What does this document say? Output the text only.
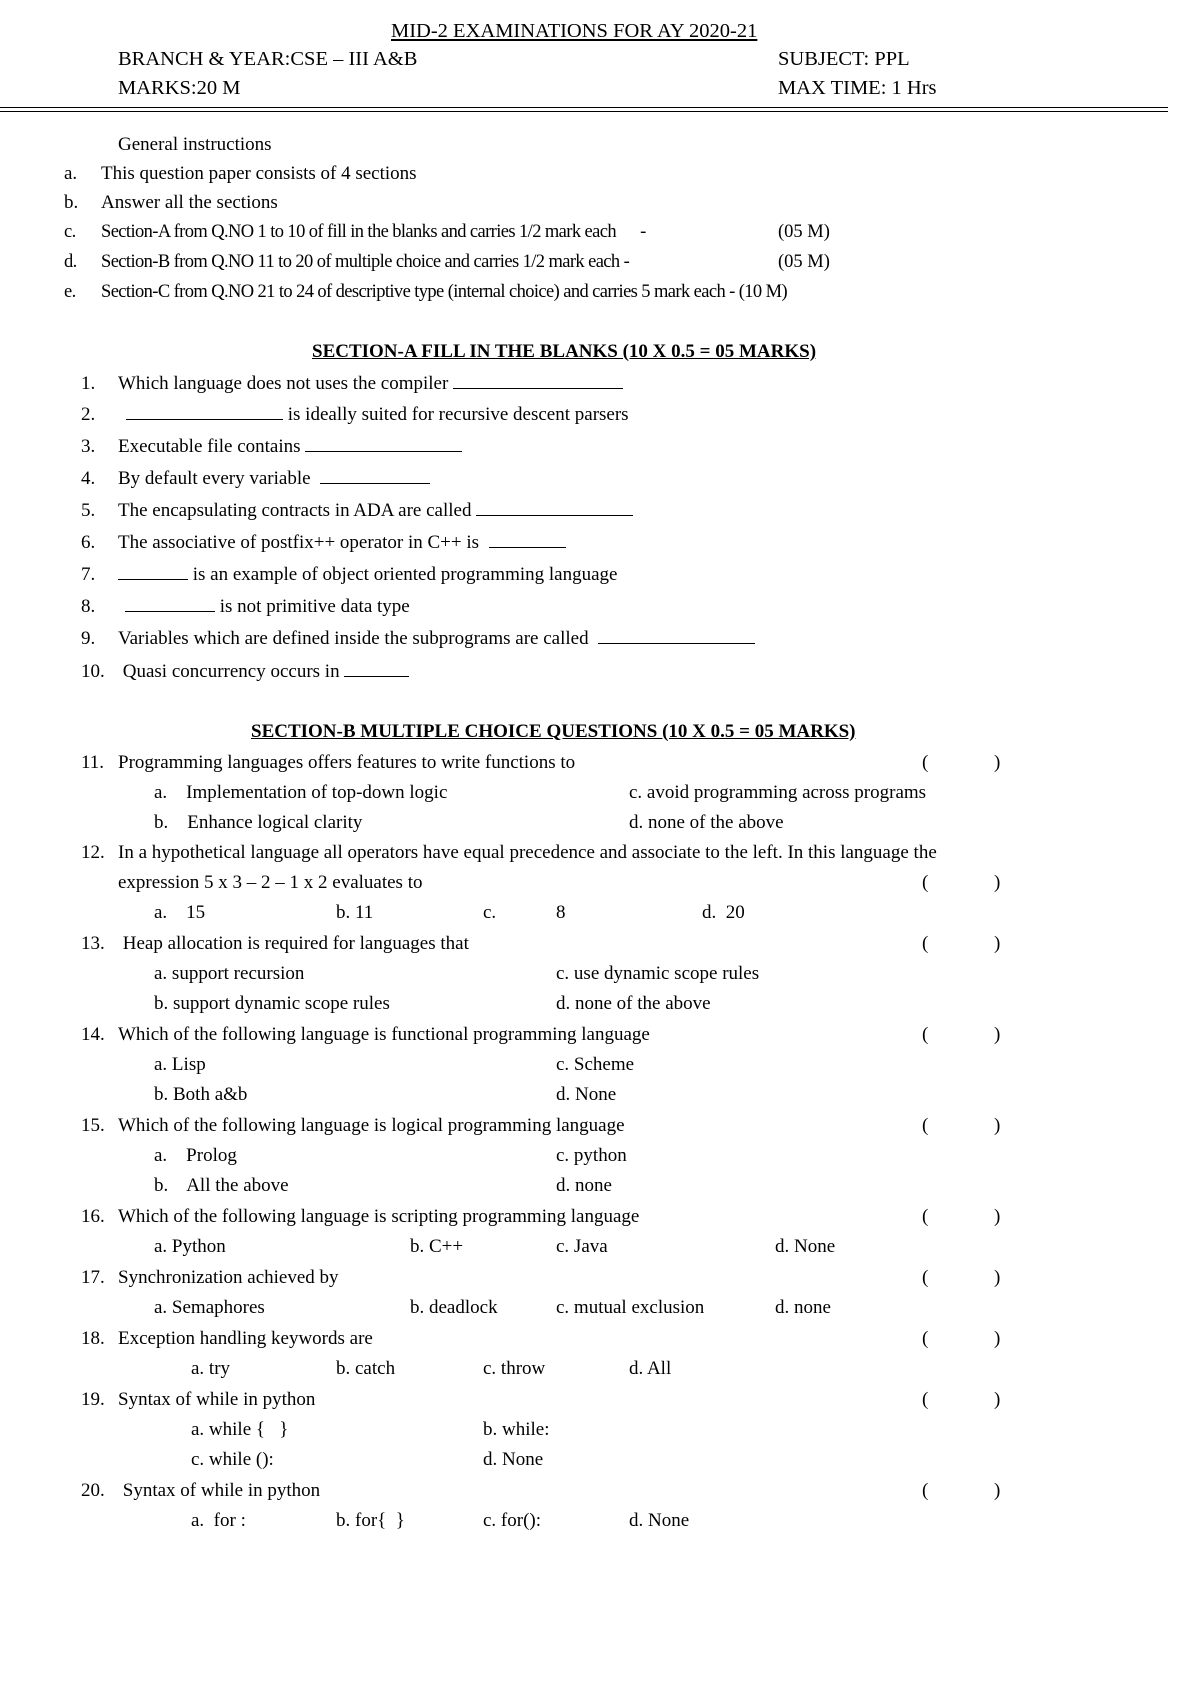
MID-2 EXAMINATIONS FOR AY 2020-21
BRANCH & YEAR:CSE – III A&B	SUBJECT: PPL
MARKS:20 M	MAX TIME: 1 Hrs
General instructions
a. This question paper consists of 4 sections
b. Answer all the sections
c. Section-A from Q.NO 1 to 10 of fill in the blanks and carries 1/2 mark each      -	(05 M)
d. Section-B from Q.NO 11 to 20 of multiple choice and carries 1/2 mark each -	(05 M)
e. Section-C from Q.NO 21 to 24 of descriptive type (internal choice) and carries 5 mark each - (10 M)
SECTION-A FILL IN THE BLANKS (10 X 0.5 = 05 MARKS)
1. Which language does not uses the compiler
2.	is ideally suited for recursive descent parsers
3. Executable file contains
4. By default every variable
5. The encapsulating contracts in ADA are called
6. The associative of postfix++ operator in C++ is
7.	is an example of object oriented programming language
8.	is not primitive data type
9. Variables which are defined inside the subprograms are called
10. Quasi concurrency occurs in
SECTION-B MULTIPLE CHOICE QUESTIONS (10 X 0.5 = 05 MARKS)
11. Programming languages offers features to write functions to	(	)
a.    Implementation of top-down logic	c. avoid programming across programs
b.    Enhance logical clarity	d. none of the above
12. In a hypothetical language all operators have equal precedence and associate to the left. In this language the
expression 5 x 3 – 2 – 1 x 2 evaluates to	(	)
a.    15	b. 11	c.	8	d.  20
13. Heap allocation is required for languages that	(	)
a. support recursion	c. use dynamic scope rules
b. support dynamic scope rules	d. none of the above
14. Which of the following language is functional programming language	(	)
a. Lisp	c. Scheme
b. Both a&b	d. None
15. Which of the following language is logical programming language	(	)
a.    Prolog	c. python
b.    All the above	d. none
16. Which of the following language is scripting programming language	(	)
a. Python	b. C++	c. Java	d. None
17. Synchronization achieved by	(	)
a. Semaphores	b. deadlock	c. mutual exclusion	d. none
18. Exception handling keywords are	(	)
a. try	b. catch	c. throw	d. All
19. Syntax of while in python	(	)
a. while {   }	b. while:
c. while ():	d. None
20. Syntax of while in python	(	)
a.  for :	b. for{  }	c. for():	d. None
